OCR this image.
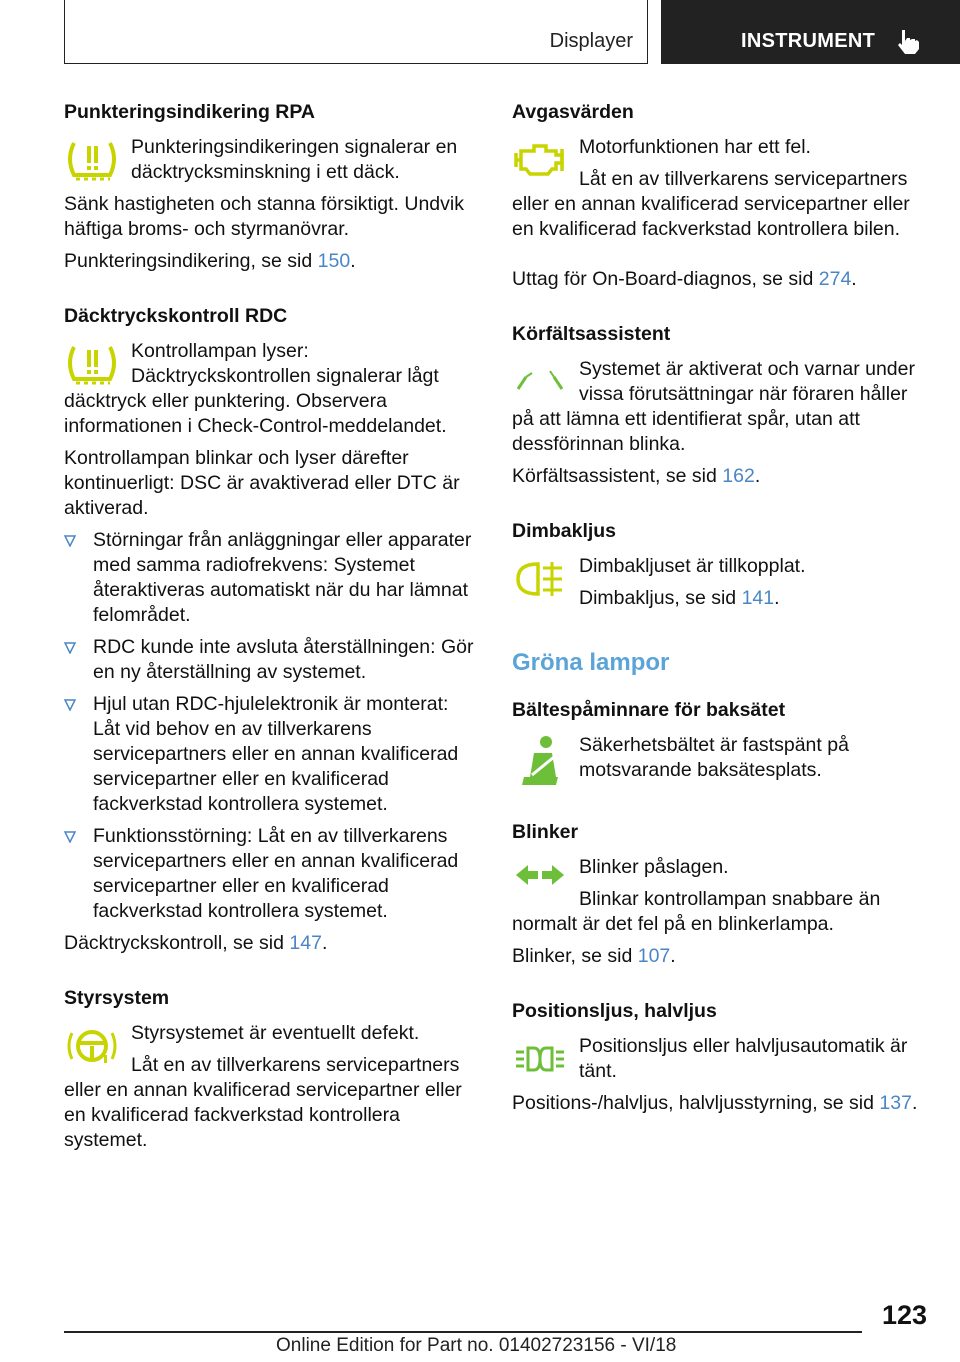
Displayer	INSTRUMENT
Punkteringsindikering RPA

Punkteringsindikeringen signalerar en däcktrycksminskning i ett däck.

Sänk hastigheten och stanna försiktigt. Undvik häftiga broms- och styrmanövrar.

Punkteringsindikering, se sid 150.

Däcktryckskontroll RDC

Kontrollampan lyser: Däcktryckskontrollen signalerar lågt däcktryck eller punktering. Observera informationen i Check-Control-meddelandet.

Kontrollampan blinkar och lyser därefter kontinuerligt: DSC är avaktiverad eller DTC är aktiverad.

Störningar från anläggningar eller apparater med samma radiofrekvens: Systemet återaktiveras automatiskt när du har lämnat felområdet.
RDC kunde inte avsluta återställningen: Gör en ny återställning av systemet.
Hjul utan RDC-hjulelektronik är monterat: Låt vid behov en av tillverkarens servicepartners eller en annan kvalificerad servicepartner eller en kvalificerad fackverkstad kontrollera systemet.
Funktionsstörning: Låt en av tillverkarens servicepartners eller en annan kvalificerad servicepartner eller en kvalificerad fackverkstad kontrollera systemet.

Däcktryckskontroll, se sid 147.

Styrsystem

Styrsystemet är eventuellt defekt.

Låt en av tillverkarens servicepartners eller en annan kvalificerad servicepartner eller en kvalificerad fackverkstad kontrollera systemet.

Avgasvärden

Motorfunktionen har ett fel.

Låt en av tillverkarens servicepartners eller en annan kvalificerad servicepartner eller en kvalificerad fackverkstad kontrollera bilen.

Uttag för On-Board-diagnos, se sid 274.

Körfältsassistent

Systemet är aktiverat och varnar under vissa förutsättningar när föraren håller på att lämna ett identifierat spår, utan att dessförinnan blinka.

Körfältsassistent, se sid 162.

Dimbakljus

Dimbakljuset är tillkopplat.

Dimbakljus, se sid 141.

Gröna lampor
Bältespåminnare för baksätet

Säkerhetsbältet är fastspänt på motsvarande baksätesplats.

Blinker

Blinker påslagen.

Blinkar kontrollampan snabbare än normalt är det fel på en blinkerlampa.

Blinker, se sid 107.

Positionsljus, halvljus

Positionsljus eller halvljusautomatik är tänt.

Positions-/halvljus, halvljusstyrning, se sid 137.

123
Online Edition for Part no. 01402723156 - VI/18
